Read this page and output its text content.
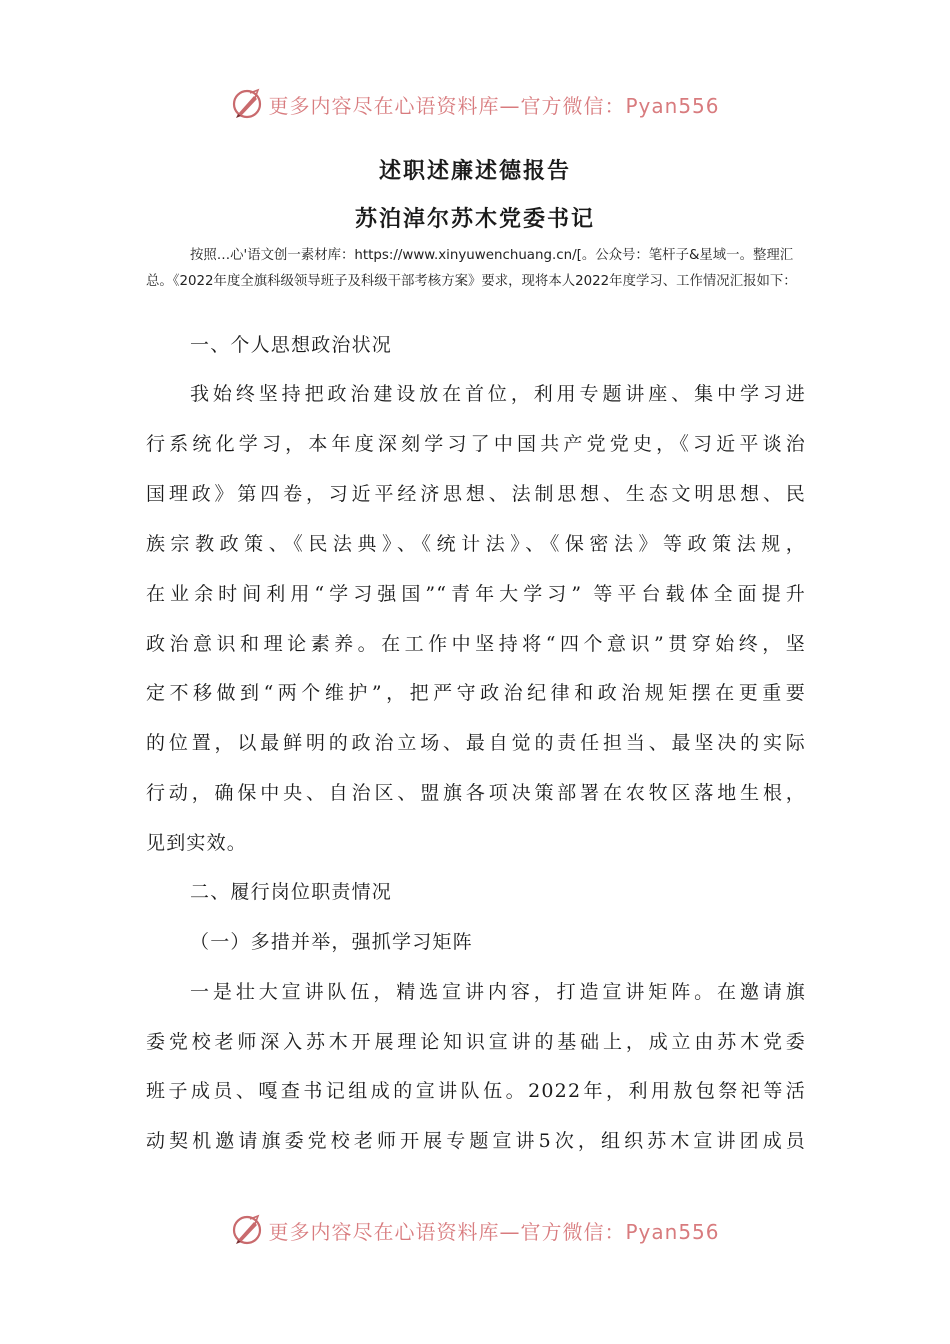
更多内容尽在心语资料库—官方微信：Pyan556
述职述廉述德报告
苏泊淖尔苏木党委书记

按照…心'语文创一素材库：https://www.xinyuwenchuang.cn/[。公众号：笔杆子&星域一。整理汇总。《2022年度全旗科级领导班子及科级干部考核方案》要求，现将本人2022年度学习、工作情况汇报如下：

一、个人思想政治状况
我始终坚持把政治建设放在首位，利用专题讲座、集中学习进
行系统化学习，本年度深刻学习了中国共产党党史，《习近平谈治
国理政》第四卷，习近平经济思想、法制思想、生态文明思想、民
族宗教政策、《民法典》、《统计法》、《保密法》等政策法规，
在业余时间利用“学习强国”“青年大学习” 等平台载体全面提升
政治意识和理论素养。在工作中坚持将“四个意识”贯穿始终，坚
定不移做到“两个维护”，把严守政治纪律和政治规矩摆在更重要
的位置，以最鲜明的政治立场、最自觉的责任担当、最坚决的实际
行动，确保中央、自治区、盟旗各项决策部署在农牧区落地生根，
见到实效。
二、履行岗位职责情况
（一）多措并举，强抓学习矩阵
一是壮大宣讲队伍，精选宣讲内容，打造宣讲矩阵。在邀请旗
委党校老师深入苏木开展理论知识宣讲的基础上，成立由苏木党委
班子成员、嘎查书记组成的宣讲队伍。2022年，利用敖包祭祀等活
动契机邀请旗委党校老师开展专题宣讲5次，组织苏木宣讲团成员
更多内容尽在心语资料库—官方微信：Pyan556
